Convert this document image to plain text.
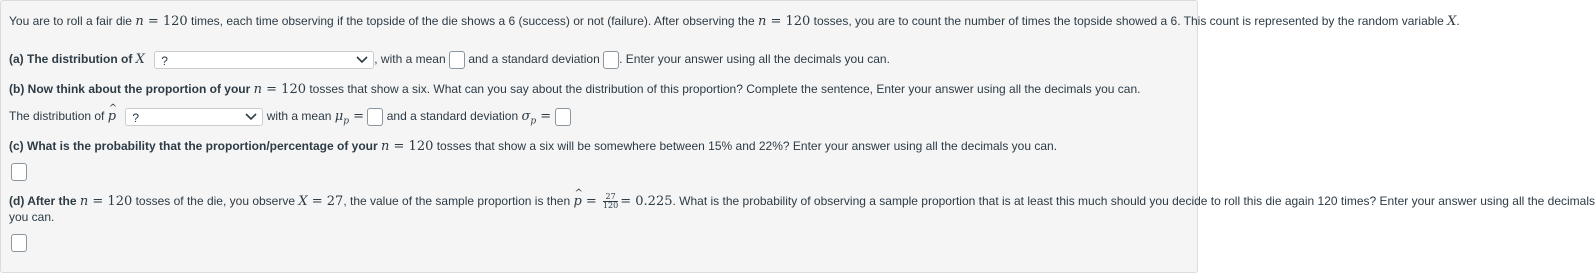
You are to roll a fair die n = 120 times, each time observing if the topside of the die shows a 6 (success) or not (failure). After observing the n = 120 tosses, you are to count the number of times the topside showed a 6. This count is represented by the random variable X.
(a) The distribution of X ?	, with a mean and a standard deviation . Enter your answer using all the decimals you can.
(b) Now think about the proportion of your n = 120 tosses that show a six. What can you say about the distribution of this proportion? Complete the sentence, Enter your answer using all the decimals you can.
The distribution of ^ p ?	with a mean $\mu_p$ = and a standard deviation $\sigma_p$ =
(c) What is the probability that the proportion/percentage of your n = 120 tosses that show a six will be somewhere between 15% and 22%? Enter your answer using all the decimals you can.
(d) After the n = 120 tosses of the die, you observe X = 27, the value of the sample proportion is then ^ $p = \frac{27}{120} = 0.225$. What is the probability of observing a sample proportion that is at least this much should you decide to roll this die again 120 times? Enter your answer using all the decimals
you can.
